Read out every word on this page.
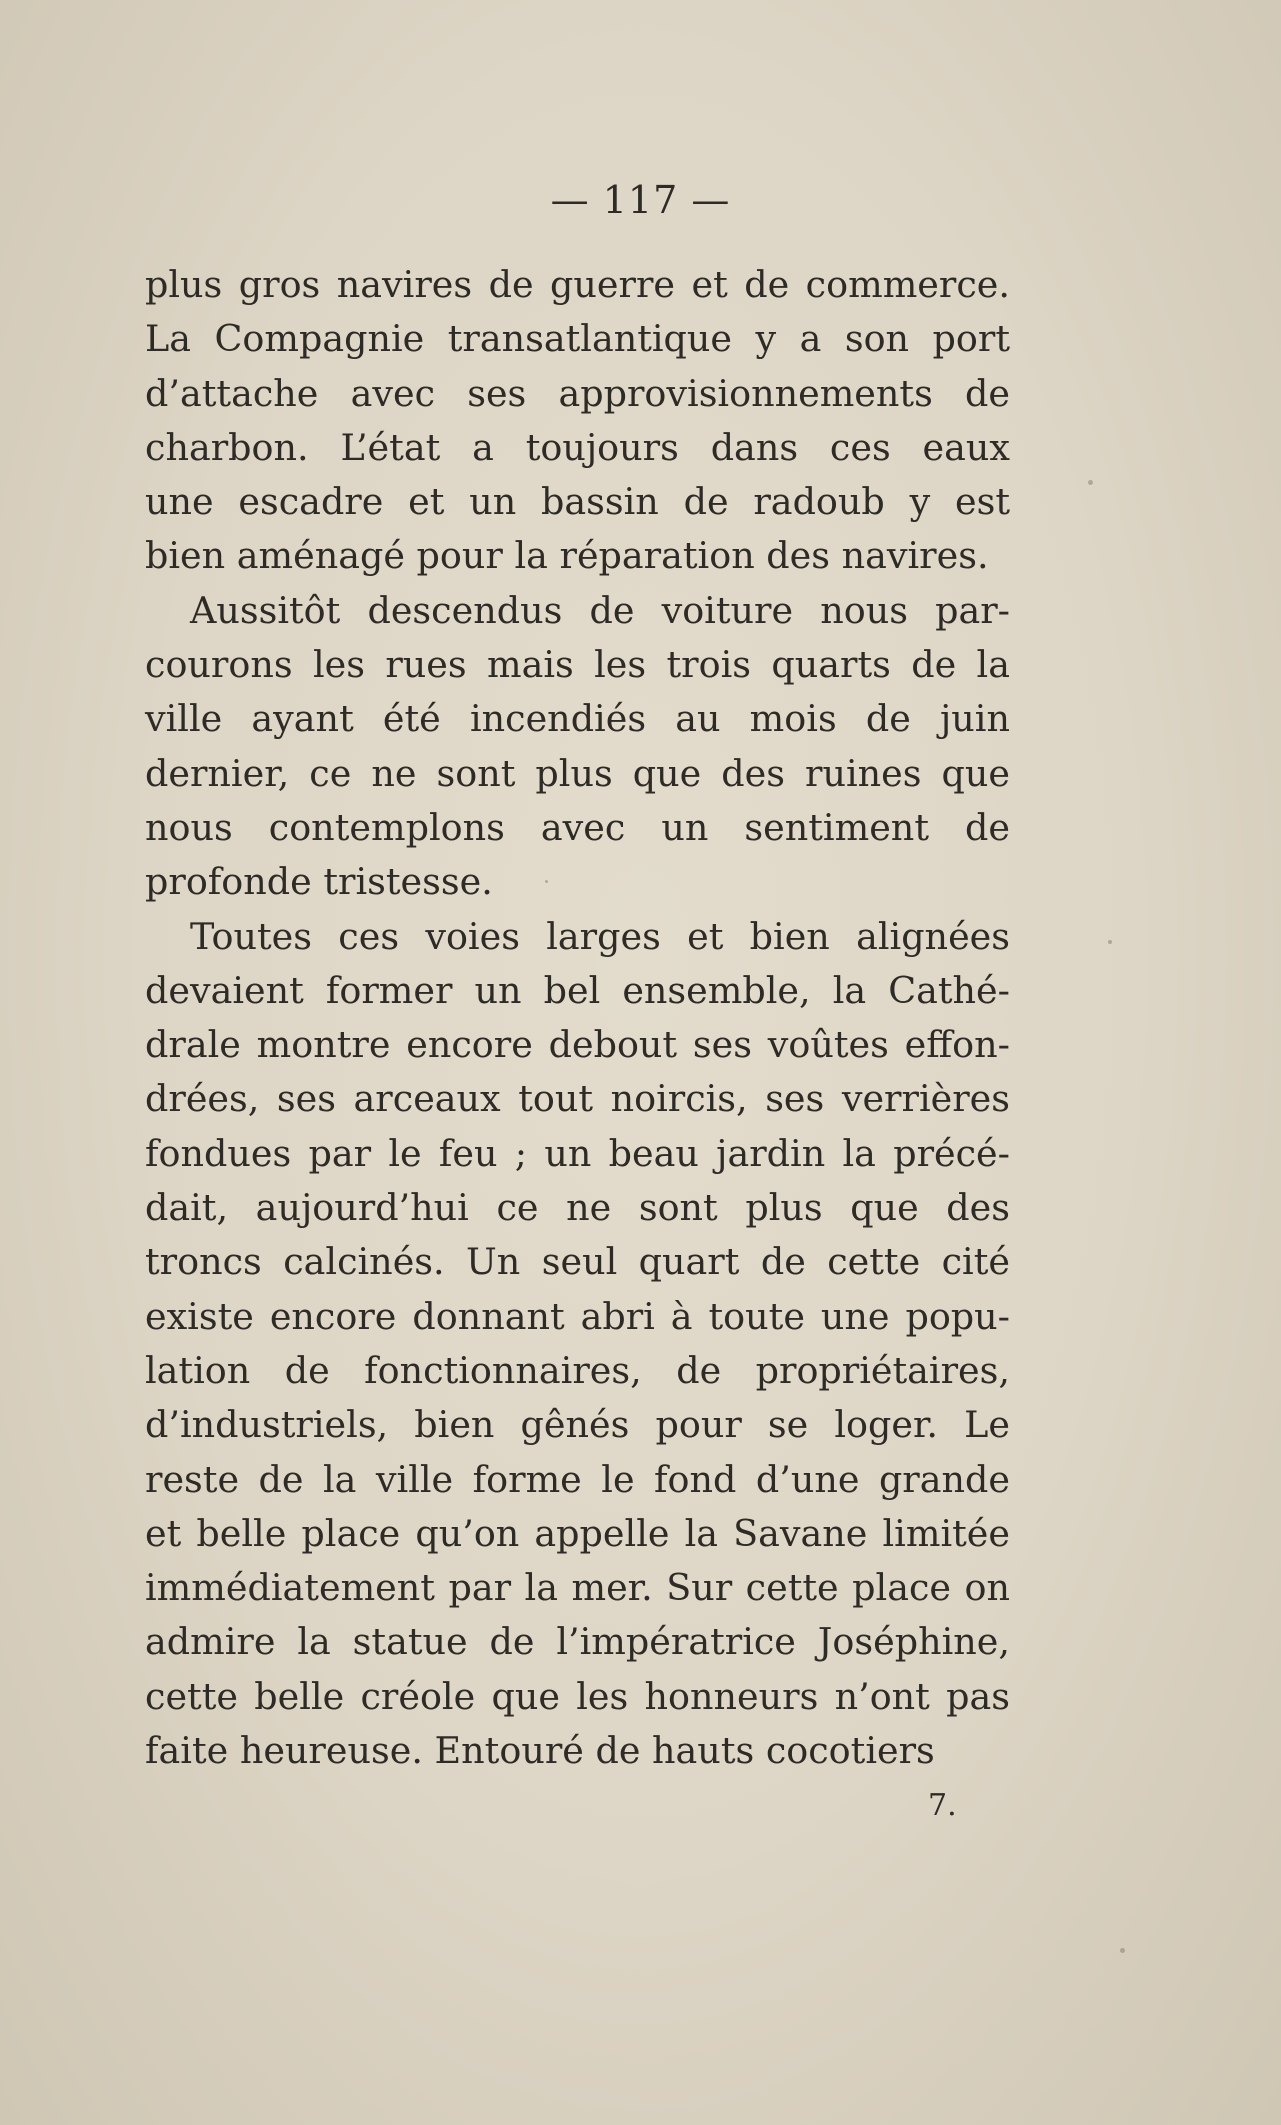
— 117 —
plus gros navires de guerre et de commerce.
La Compagnie transatlantique y a son port
d’attache avec ses approvisionnements de
charbon. L’état a toujours dans ces eaux
une escadre et un bassin de radoub y est
bien aménagé pour la réparation des navires.
Aussitôt descendus de voiture nous par-
courons les rues mais les trois quarts de la
ville ayant été incendiés au mois de juin
dernier, ce ne sont plus que des ruines que
nous contemplons avec un sentiment de
profonde tristesse.
Toutes ces voies larges et bien alignées
devaient former un bel ensemble, la Cathé-
drale montre encore debout ses voûtes effon-
drées, ses arceaux tout noircis, ses verrières
fondues par le feu ; un beau jardin la précé-
dait, aujourd’hui ce ne sont plus que des
troncs calcinés. Un seul quart de cette cité
existe encore donnant abri à toute une popu-
lation de fonctionnaires, de propriétaires,
d’industriels, bien gênés pour se loger. Le
reste de la ville forme le fond d’une grande
et belle place qu’on appelle la Savane limitée
immédiatement par la mer. Sur cette place on
admire la statue de l’impératrice Joséphine,
cette belle créole que les honneurs n’ont pas
faite heureuse. Entouré de hauts cocotiers
7.
